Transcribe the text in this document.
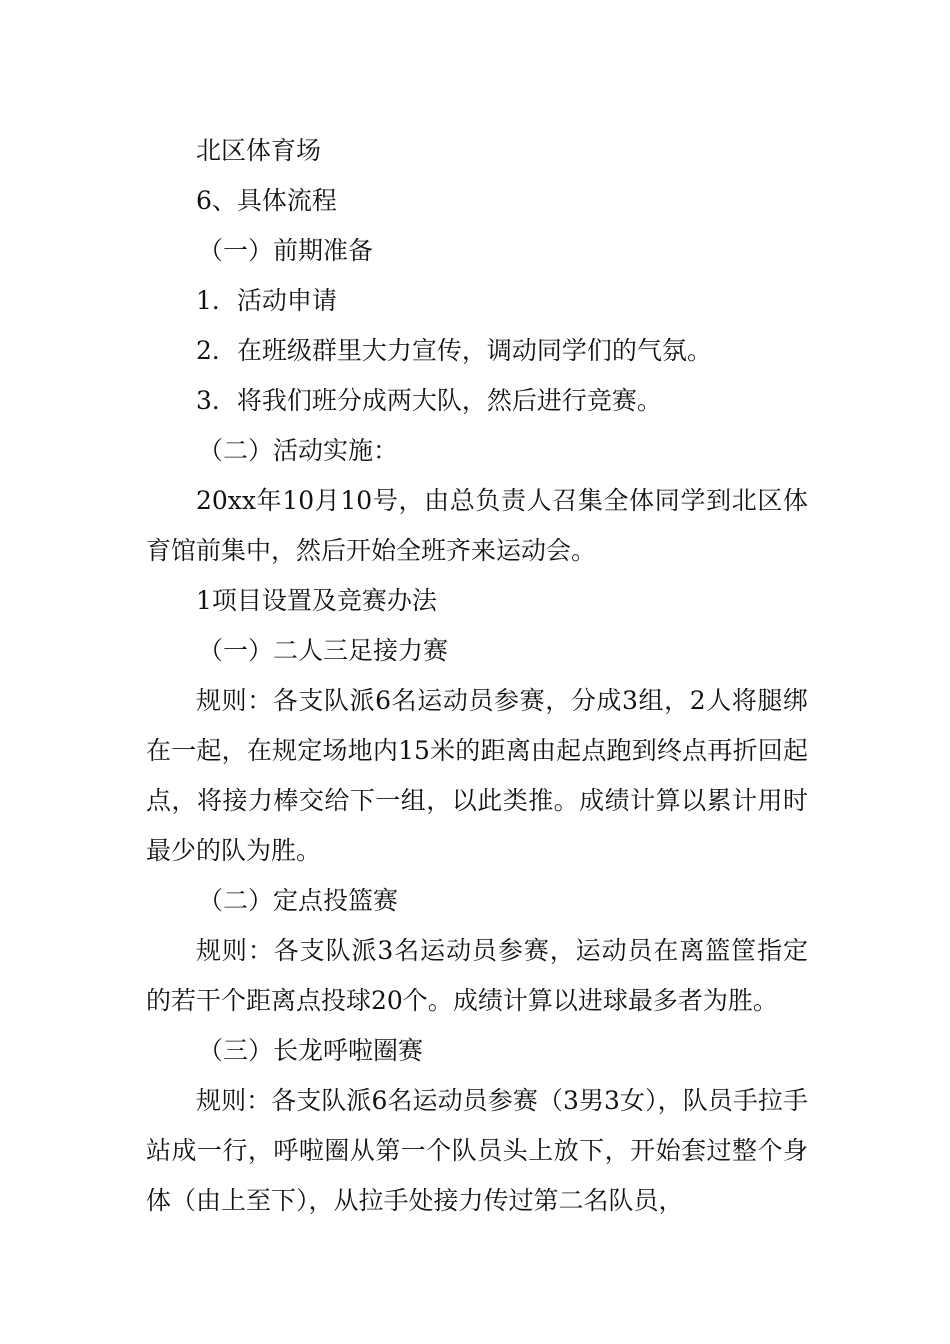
北区体育场
6、具体流程
（一）前期准备
1．活动申请
2．在班级群里大力宣传，调动同学们的气氛。
3．将我们班分成两大队，然后进行竞赛。
（二）活动实施：
20xx年10月10号，由总负责人召集全体同学到北区体育馆前集中，然后开始全班齐来运动会。
1项目设置及竞赛办法
（一）二人三足接力赛
规则：各支队派6名运动员参赛，分成3组，2人将腿绑在一起，在规定场地内15米的距离由起点跑到终点再折回起点，将接力棒交给下一组，以此类推。成绩计算以累计用时最少的队为胜。
（二）定点投篮赛
规则：各支队派3名运动员参赛，运动员在离篮筐指定的若干个距离点投球20个。成绩计算以进球最多者为胜。
（三）长龙呼啦圈赛
规则：各支队派6名运动员参赛（3男3女），队员手拉手站成一行，呼啦圈从第一个队员头上放下，开始套过整个身体（由上至下），从拉手处接力传过第二名队员，
